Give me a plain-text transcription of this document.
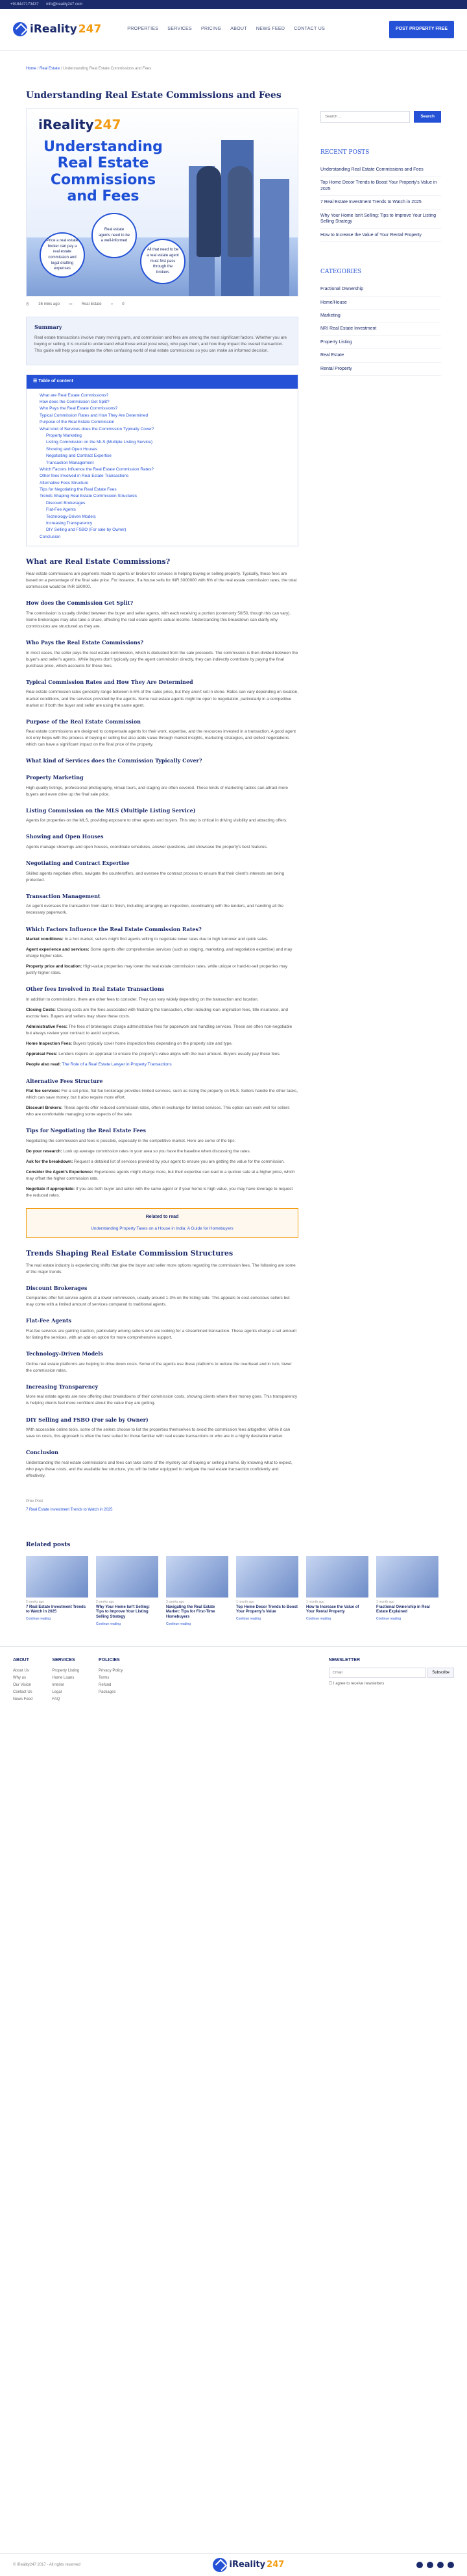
+918447173437 info@ireality247.com
iReality 247	PROPERTIES SERVICES PRICING ABOUT NEWS FEED CONTACT US	POST PROPERTY FREE
Home / Real Estate / Understanding Real Estate Commissions and Fees
Understanding Real Estate Commissions and Fees
iReality247
Understanding Real Estate Commissions and Fees
Price a real estate broker can pay a real estate commission and legal drafting expenses
Real estate agents need to be a well-informed
All that need to be a real estate agent must first pass through the brokers
◷ 36 mins ago ▭ Real Estate ○ 0
Summary

Real estate transactions involve many moving parts, and commission and fees are among the most significant factors. Whether you are buying or selling, it is crucial to understand what those entail (cost wise), who pays them, and how they impact the overall transaction. This guide will help you navigate the often confusing world of real estate commissions so you can make an informed decision.

☰ Table of content
What are Real Estate Commissions?
How does the Commission Get Split?
Who Pays the Real Estate Commissions?
Typical Commission Rates and How They Are Determined
Purpose of the Real Estate Commission
What kind of Services does the Commission Typically Cover?
Property Marketing
Listing Commission on the MLS (Multiple Listing Service)
Showing and Open Houses
Negotiating and Contract Expertise
Transaction Management
Which Factors Influence the Real Estate Commission Rates?
Other fees Involved in Real Estate Transactions
Alternative Fees Structure
Tips for Negotiating the Real Estate Fees
Trends Shaping Real Estate Commission Structures
Discount Brokerages
Flat-Fee Agents
Technology-Driven Models
Increasing Transparency
DIY Selling and FSBO (For sale by Owner)
Conclusion
What are Real Estate Commissions?

Real estate commissions are payments made to agents or brokers for services in helping buying or selling property. Typically, these fees are based on a percentage of the final sale price. For instance, if a house sells for INR 3000000 with 6% of the real estate commission rates, the total commission would be INR 180000.

How does the Commission Get Split?

The commission is usually divided between the buyer and seller agents, with each receiving a portion (commonly 50/50, though this can vary). Some brokerages may also take a share, affecting the real estate agent's actual income. Understanding this breakdown can clarify why commissions are structured as they are.

Who Pays the Real Estate Commissions?

In most cases, the seller pays the real estate commission, which is deducted from the sale proceeds. The commission is then divided between the buyer's and seller's agents. While buyers don't typically pay the agent commission directly, they can indirectly contribute by paying the final purchase price, which accounts for these fees.

Typical Commission Rates and How They Are Determined

Real estate commission rates generally range between 5-6% of the sales price, but they aren't set in stone. Rates can vary depending on location, market conditions, and the services provided by the agents. Some real estate agents might be open to negotiation, particularly in a competitive market or if both the buyer and seller are using the same agent.

Purpose of the Real Estate Commission

Real estate commissions are designed to compensate agents for their work, expertise, and the resources invested in a transaction. A good agent not only helps with the process of buying or selling but also adds value through market insights, marketing strategies, and skilled negotiations which can have a significant impact on the final price of the property.

What kind of Services does the Commission Typically Cover?
Property Marketing

High-quality listings, professional photography, virtual tours, and staging are often covered. These kinds of marketing tactics can attract more buyers and even drive up the final sale price.

Listing Commission on the MLS (Multiple Listing Service)

Agents list properties on the MLS, providing exposure to other agents and buyers. This step is critical in driving visibility and attracting offers.

Showing and Open Houses

Agents manage showings and open houses, coordinate schedules, answer questions, and showcase the property's best features.

Negotiating and Contract Expertise

Skilled agents negotiate offers, navigate the counteroffers, and oversee the contract process to ensure that their client's interests are being protected.

Transaction Management

An agent oversees the transaction from start to finish, including arranging an inspection, coordinating with the lenders, and handling all the necessary paperwork.

Which Factors Influence the Real Estate Commission Rates?

Market conditions: In a hot market, sellers might find agents willing to negotiate lower rates due to high turnover and quick sales.

Agent experience and services: Some agents offer comprehensive services (such as staging, marketing, and negotiation expertise) and may charge higher rates.

Property price and location: High-value properties may lower the real estate commission rates, while unique or hard-to-sell properties may justify higher rates.

Other fees Involved in Real Estate Transactions

In addition to commissions, there are other fees to consider. They can vary widely depending on the transaction and location.

Closing Costs: Closing costs are the fees associated with finalizing the transaction, often including loan origination fees, title insurance, and escrow fees. Buyers and sellers may share these costs.

Administrative Fees: The fees of brokerages charge administrative fees for paperwork and handling services. These are often non-negotiable but always review your contract to avoid surprises.

Home Inspection Fees: Buyers typically cover home inspection fees depending on the property size and type.

Appraisal Fees: Lenders require an appraisal to ensure the property's value aligns with the loan amount. Buyers usually pay these fees.

People also read: The Role of a Real Estate Lawyer in Property Transactions

Alternative Fees Structure

Flat fee services: For a set price, flat fee brokerage provides limited services, such as listing the property on MLS. Sellers handle the other tasks, which can save money, but it also require more effort.

Discount Brokers: These agents offer reduced commission rates, often in exchange for limited services. This option can work well for sellers who are comfortable managing some aspects of the sale.

Tips for Negotiating the Real Estate Fees

Negotiating the commission and fees is possible, especially in the competitive market. Here are some of the tips:

Do your research: Look up average commission rates in your area so you have the baseline when discussing the rates.

Ask for the breakdown: Request a detailed list of services provided by your agent to ensure you are getting the value for the commission.

Consider the Agent's Experience: Experience agents might charge more, but their expertise can lead to a quicker sale at a higher price, which may offset the higher commission rate.

Negotiate if appropriate: If you are both buyer and seller with the same agent or if your home is high value, you may have leverage to request the reduced rates.

Related to read
Understanding Property Taxes on a House in India: A Guide for Homebuyers
Trends Shaping Real Estate Commission Structures

The real estate industry is experiencing shifts that give the buyer and seller more options regarding the commission fees. The following are some of the major trends:

Discount Brokerages

Companies offer full-service agents at a lower commission, usually around 1-3% on the listing side. This appeals to cost-conscious sellers but may come with a limited amount of services compared to traditional agents.

Flat-Fee Agents

Flat-fee services are gaining traction, particularly among sellers who are looking for a streamlined transaction. These agents charge a set amount for listing the services, with an add-on option for more comprehensive support.

Technology-Driven Models

Online real estate platforms are helping to drive down costs. Some of the agents use these platforms to reduce the overhead and in turn, lower the commission rates.

Increasing Transparency

More real estate agents are now offering clear breakdowns of their commission costs, showing clients where their money goes. This transparency is helping clients feel more confident about the value they are getting.

DIY Selling and FSBO (For sale by Owner)

With accessible online tools, some of the sellers choose to list the properties themselves to avoid the commission fees altogether. While it can save on costs, this approach is often the best suited for those familiar with real estate transactions or who are in a highly desirable market.

Conclusion

Understanding the real estate commissions and fees can take some of the mystery out of buying or selling a home. By knowing what to expect, who pays these costs, and the available fee structure, you will be better equipped to navigate the real estate transaction confidently and effectively.

Prev Post
7 Real Estate Investment Trends to Watch in 2025
Search ...
Search
RECENT POSTS
Understanding Real Estate Commissions and Fees
Top Home Decor Trends to Boost Your Property's Value in 2025
7 Real Estate Investment Trends to Watch in 2025
Why Your Home Isn't Selling: Tips to Improve Your Listing Selling Strategy
How to Increase the Value of Your Rental Property
CATEGORIES
Fractional Ownership
Home/House
Marketing
NRI Real Estate Investment
Property Listing
Real Estate
Rental Property
Related posts
2 weeks ago
7 Real Estate Investment Trends to Watch in 2025
Continue reading
2 weeks ago
Why Your Home Isn't Selling: Tips to Improve Your Listing Selling Strategy
Continue reading
3 weeks ago
Navigating the Real Estate Market: Tips for First-Time Homebuyers
Continue reading
1 month ago
Top Home Decor Trends to Boost Your Property's Value
Continue reading
1 month ago
How to Increase the Value of Your Rental Property
Continue reading
1 month ago
Fractional Ownership in Real Estate Explained
Continue reading
ABOUT
About Us
Why us
Our Vision
Contact Us
News Feed
SERVICES
Property Listing
Home Loans
Interior
Legal
FAQ
POLICIES
Privacy Policy
Terms
Refund
Packages
NEWSLETTER
Email Subscribe
☐ I agree to receive newsletters
© iReality247 2017 - All rights reserved	iReality 247
